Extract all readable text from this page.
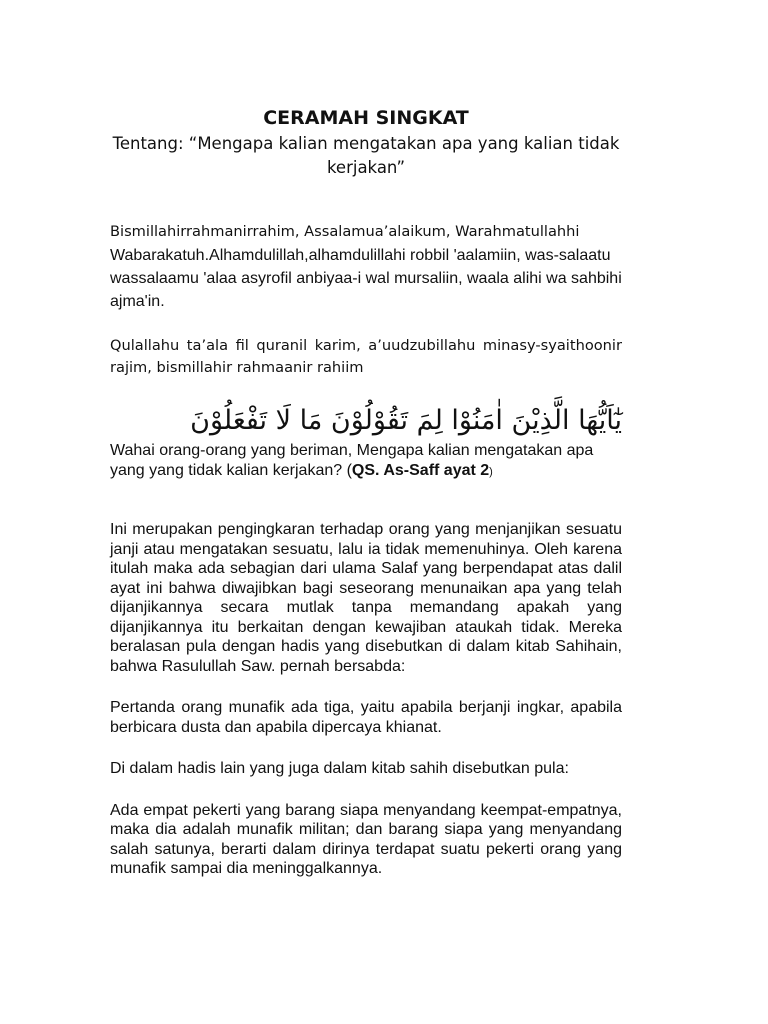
CERAMAH SINGKAT

Tentang: “Mengapa kalian mengatakan apa yang kalian tidak kerjakan”

Bismillahirrahmanirrahim, Assalamua’alaikum, Warahmatullahhi
Wabarakatuh.Alhamdulillah,alhamdulillahi robbil 'aalamiin, was-salaatu wassalaamu 'alaa asyrofil anbiyaa-i wal mursaliin, waala alihi wa sahbihi ajma'in.

Qulallahu ta’ala fil quranil karim, a’uudzubillahu minasy-syaithoonir rajim, bismillahir rahmaanir rahiim

يٰٓاَيُّهَا الَّذِيْنَ اٰمَنُوْا لِمَ تَقُوْلُوْنَ مَا لَا تَفْعَلُوْنَ

Wahai orang-orang yang beriman, Mengapa kalian mengatakan apa yang yang tidak kalian kerjakan? (QS. As-Saff ayat 2)

Ini merupakan pengingkaran terhadap orang yang menjanjikan sesuatu janji atau mengatakan sesuatu, lalu ia tidak memenuhinya. Oleh karena itulah maka ada sebagian dari ulama Salaf yang berpendapat atas dalil ayat ini bahwa diwajibkan bagi seseorang menunaikan apa yang telah dijanjikannya secara mutlak tanpa memandang apakah yang dijanjikannya itu berkaitan dengan kewajiban ataukah tidak. Mereka beralasan pula dengan hadis yang disebutkan di dalam kitab Sahihain, bahwa Rasulullah Saw. pernah bersabda:

Pertanda orang munafik ada tiga, yaitu apabila berjanji ingkar, apabila berbicara dusta dan apabila dipercaya khianat.

Di dalam hadis lain yang juga dalam kitab sahih disebutkan pula:

Ada empat pekerti yang barang siapa menyandang keempat-empatnya, maka dia adalah munafik militan; dan barang siapa yang menyandang salah satunya, berarti dalam dirinya terdapat suatu pekerti orang yang munafik sampai dia meninggalkannya.
